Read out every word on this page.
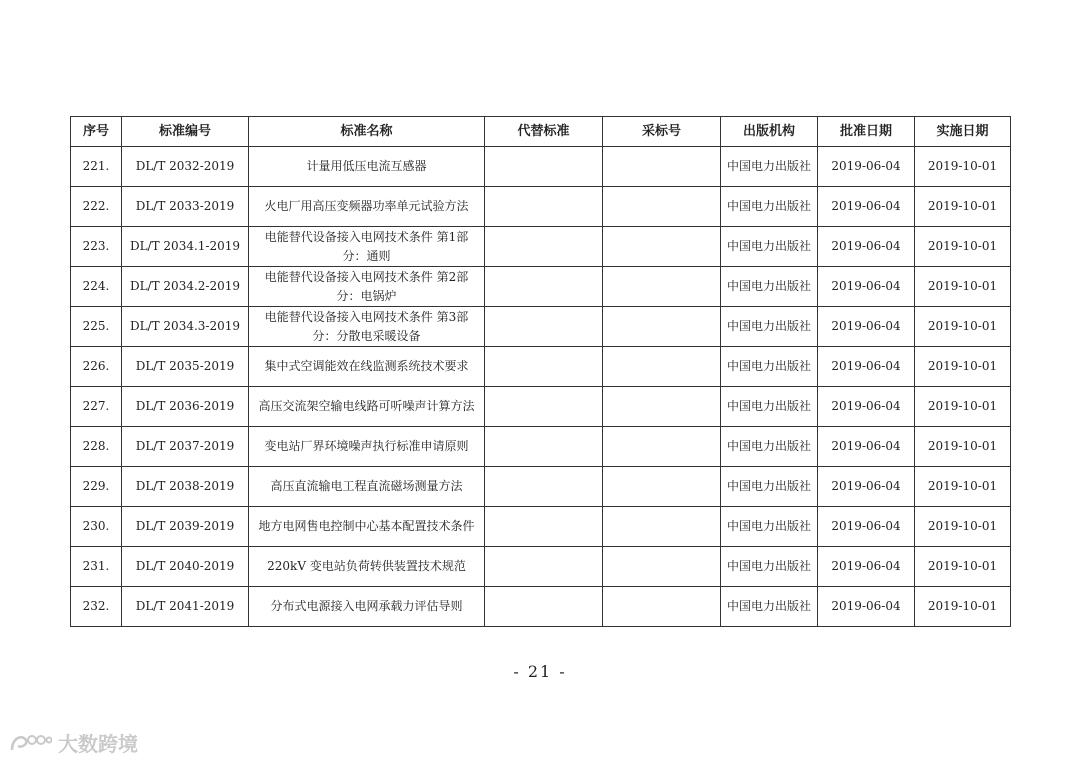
序号	标准编号	标准名称	代替标准	采标号	出版机构	批准日期	实施日期
221.	DL/T 2032-2019	计量用低压电流互感器			中国电力出版社	2019-06-04	2019-10-01
222.	DL/T 2033-2019	火电厂用高压变频器功率单元试验方法			中国电力出版社	2019-06-04	2019-10-01
223.	DL/T 2034.1-2019	电能替代设备接入电网技术条件 第1部分：通则			中国电力出版社	2019-06-04	2019-10-01
224.	DL/T 2034.2-2019	电能替代设备接入电网技术条件 第2部分：电锅炉			中国电力出版社	2019-06-04	2019-10-01
225.	DL/T 2034.3-2019	电能替代设备接入电网技术条件 第3部分：分散电采暖设备			中国电力出版社	2019-06-04	2019-10-01
226.	DL/T 2035-2019	集中式空调能效在线监测系统技术要求			中国电力出版社	2019-06-04	2019-10-01
227.	DL/T 2036-2019	高压交流架空输电线路可听噪声计算方法			中国电力出版社	2019-06-04	2019-10-01
228.	DL/T 2037-2019	变电站厂界环境噪声执行标准申请原则			中国电力出版社	2019-06-04	2019-10-01
229.	DL/T 2038-2019	高压直流输电工程直流磁场测量方法			中国电力出版社	2019-06-04	2019-10-01
230.	DL/T 2039-2019	地方电网售电控制中心基本配置技术条件			中国电力出版社	2019-06-04	2019-10-01
231.	DL/T 2040-2019	220kV 变电站负荷转供装置技术规范			中国电力出版社	2019-06-04	2019-10-01
232.	DL/T 2041-2019	分布式电源接入电网承载力评估导则			中国电力出版社	2019-06-04	2019-10-01
- 21 -
大数跨境
